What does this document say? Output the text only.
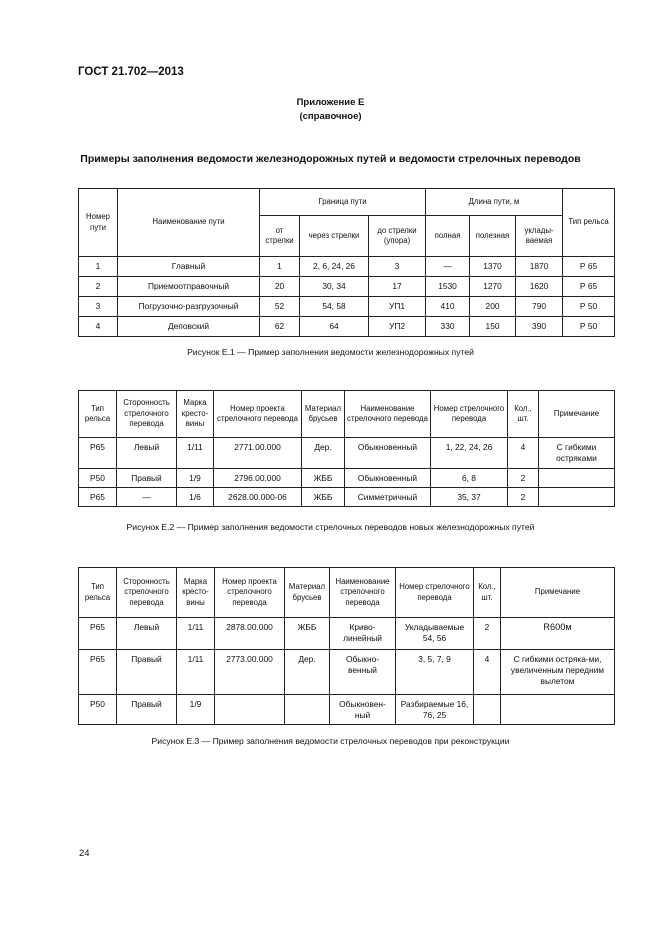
ГОСТ 21.702—2013
Приложение Е
(справочное)
Примеры заполнения ведомости железнодорожных путей и ведомости стрелочных переводов
Номер пути	Наименование пути	Граница пути			Длина пути, м			Тип рельса
		от стрелки	через стрелки	до стрелки (упора)	полная	полезная	уклады-ваемая	
1	Главный	1	2, 6, 24, 26	3	—	1370	1870	Р 65
2	Приемоотправочный	20	30, 34	17	1530	1270	1620	Р 65
3	Погрузочно-разгрузочный	52	54, 58	УП1	410	200	790	Р 50
4	Деповский	62	64	УП2	330	150	390	Р 50
Рисунок Е.1 — Пример заполнения ведомости железнодорожных путей
Тип рельса	Сторонность стрелочного перевода	Марка кресто-вины	Номер проекта стрелочного перевода	Материал брусьев	Наименование стрелочного перевода	Номер стрелочного перевода	Кол., шт.	Примечание
Р65	Левый	1/11	2771.00.000	Дер.	Обыкновенный	1, 22, 24, 26	4	С гибкими остряками
Р50	Правый	1/9	2796.00.000	ЖББ	Обыкновенный	6, 8	2	
Р65	—	1/6	2628.00.000-06	ЖББ	Симметричный	35, 37	2	
Рисунок Е.2 — Пример заполнения ведомости стрелочных переводов новых железнодорожных путей
Тип рельса	Сторонность стрелочного перевода	Марка кресто-вины	Номер проекта стрелочного перевода	Материал брусьев	Наименование стрелочного перевода	Номер стрелочного перевода	Кол., шт.	Примечание
Р65	Левый	1/11	2878.00.000	ЖББ	Криво-линейный	Укладываемые 54, 56	2	R600м
Р65	Правый	1/11	2773.00.000	Дер.	Обыкно-венный	3, 5, 7, 9	4	С гибкими остряка-ми, увеличенным передним вылетом
Р50	Правый	1/9			Обыкновен-ный	Разбираемые 16, 76, 25		
Рисунок Е.3 — Пример заполнения ведомости стрелочных переводов при реконструкции
24
